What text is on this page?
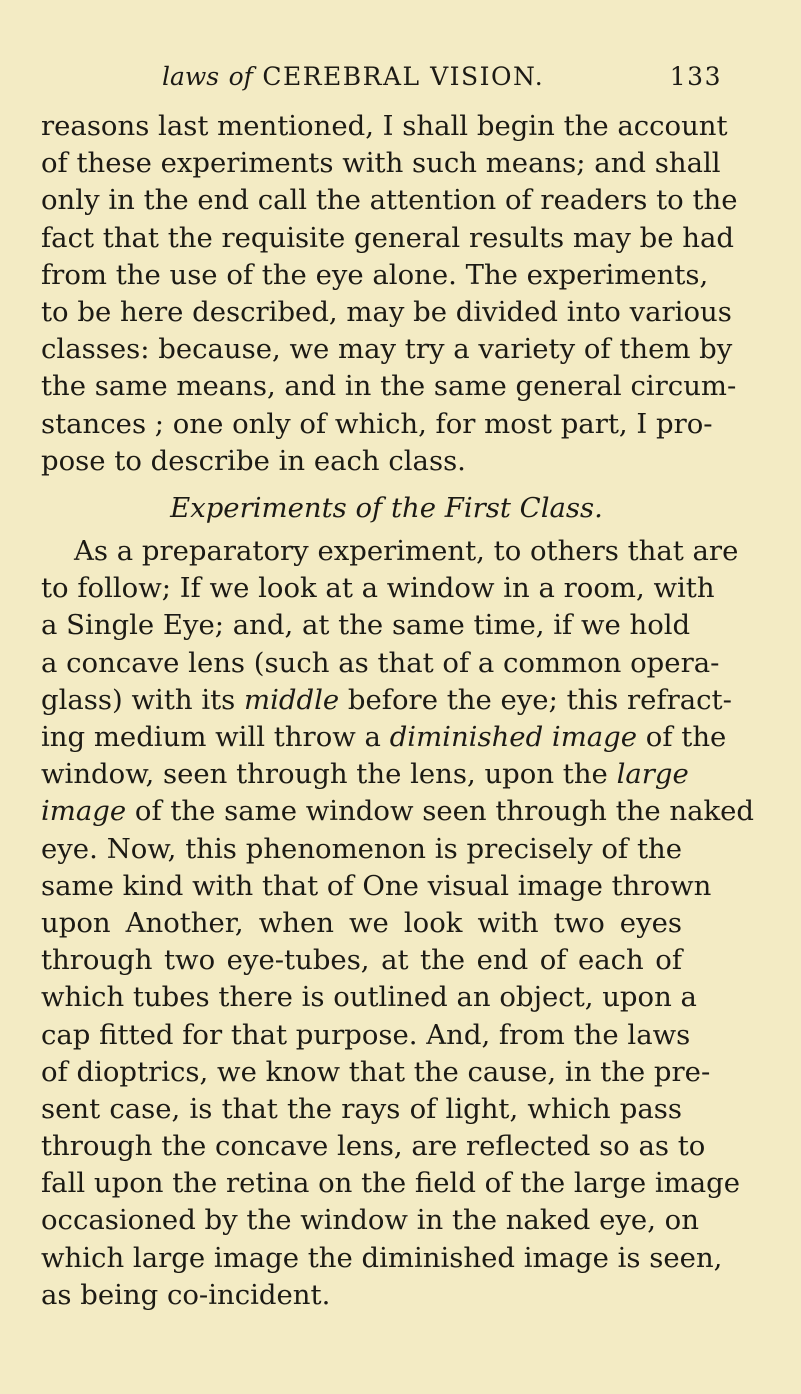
laws of CEREBRAL VISION.	133
reasons last mentioned, I shall begin the account
of these experiments with such means; and shall
only in the end call the attention of readers to the
fact that the requisite general results may be had
from the use of the eye alone. The experiments,
to be here described, may be divided into various
classes: because, we may try a variety of them by
the same means, and in the same general circum-
stances ; one only of which, for most part, I pro-
pose to describe in each class.
Experiments of the First Class.
As a preparatory experiment, to others that are
to follow; If we look at a window in a room, with
a Single Eye; and, at the same time, if we hold
a concave lens (such as that of a common opera-
glass) with its middle before the eye; this refract-
ing medium will throw a diminished image of the
window, seen through the lens, upon the large
image of the same window seen through the naked
eye. Now, this phenomenon is precisely of the
same kind with that of One visual image thrown
upon Another, when we look with two eyes
through two eye-tubes, at the end of each of
which tubes there is outlined an object, upon a
cap fitted for that purpose. And, from the laws
of dioptrics, we know that the cause, in the pre-
sent case, is that the rays of light, which pass
through the concave lens, are reflected so as to
fall upon the retina on the field of the large image
occasioned by the window in the naked eye, on
which large image the diminished image is seen,
as being co-incident.
